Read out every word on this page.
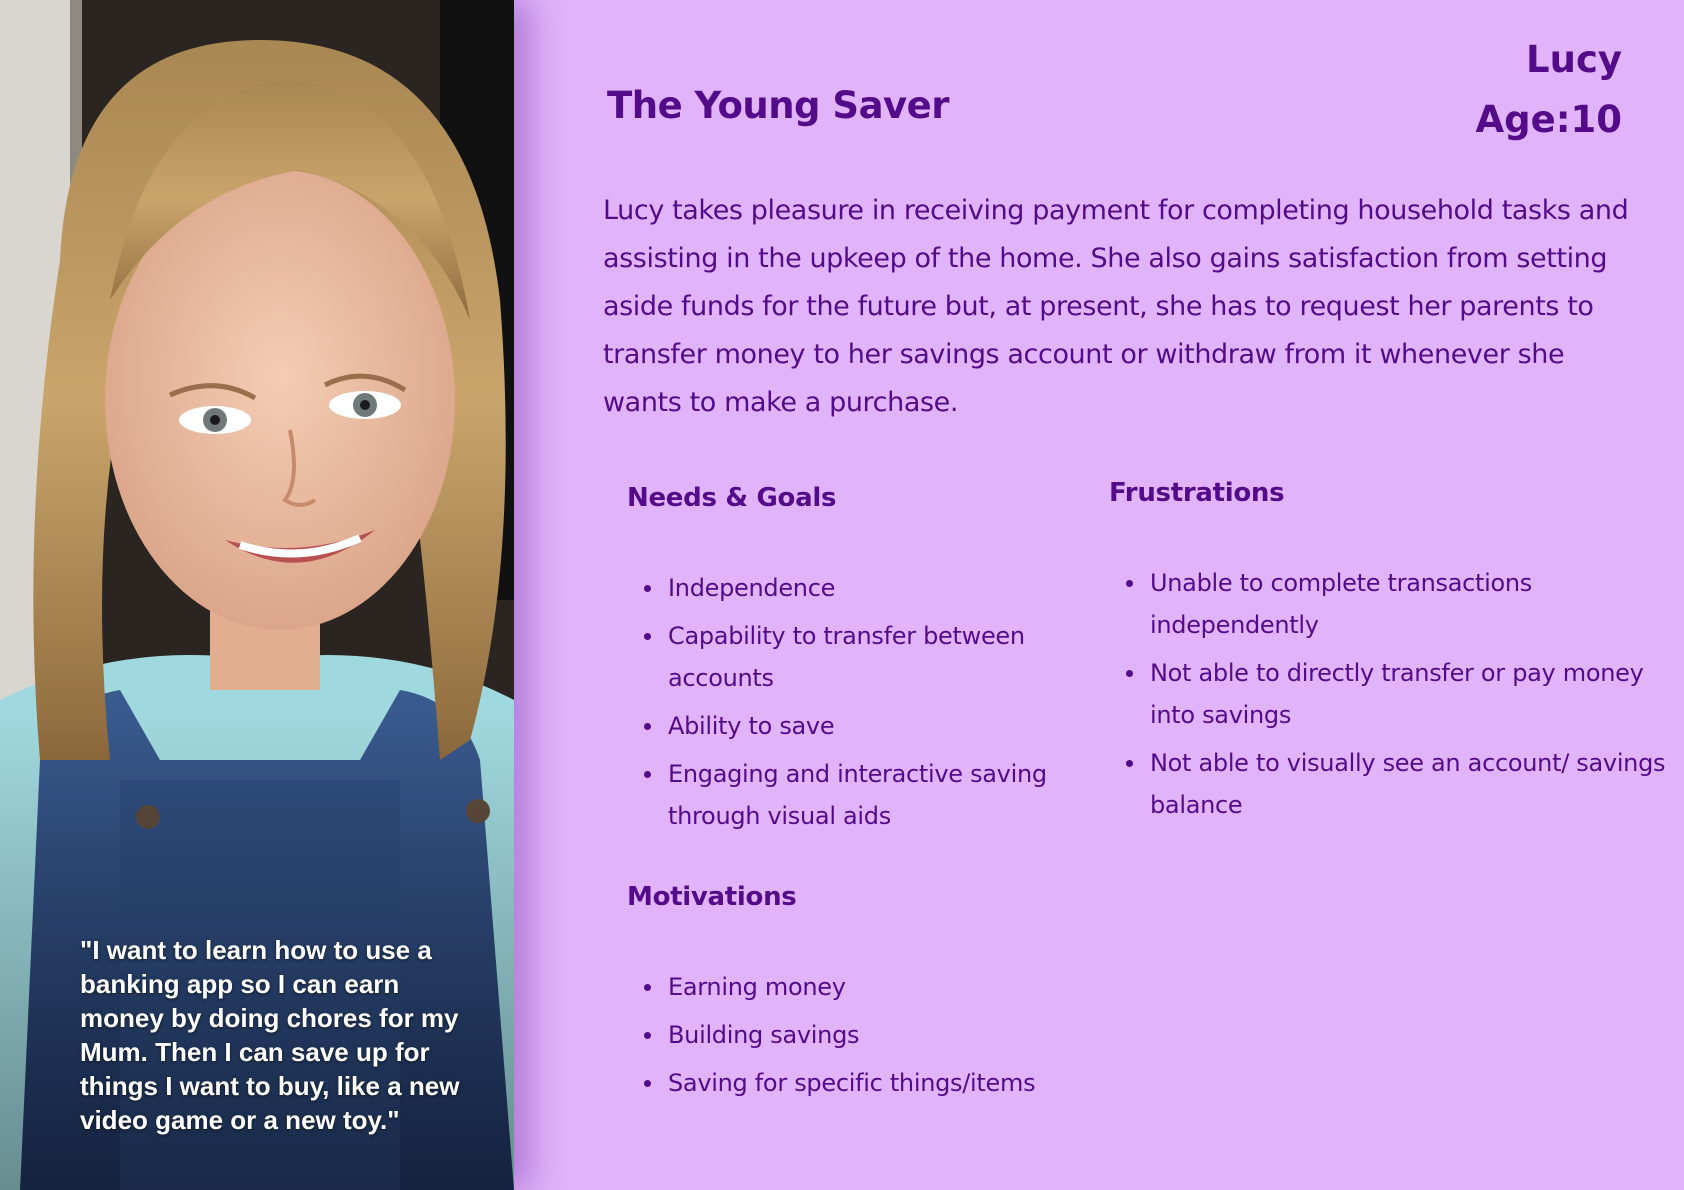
"I want to learn how to use a banking app so I can earn money by doing chores for my Mum. Then I can save up for things I want to buy, like a new video game or a new toy."

The Young Saver
Lucy
Age:10

Lucy takes pleasure in receiving payment for completing household tasks and assisting in the upkeep of the home. She also gains satisfaction from setting aside funds for the future but, at present, she has to request her parents to transfer money to her savings account or withdraw from it whenever she wants to make a purchase.

Needs & Goals
Independence
Capability to transfer between accounts
Ability to save
Engaging and interactive saving through visual aids
Frustrations
Unable to complete transactions independently
Not able to directly transfer or pay money into savings
Not able to visually see an account/ savings balance
Motivations
Earning money
Building savings
Saving for specific things/items
